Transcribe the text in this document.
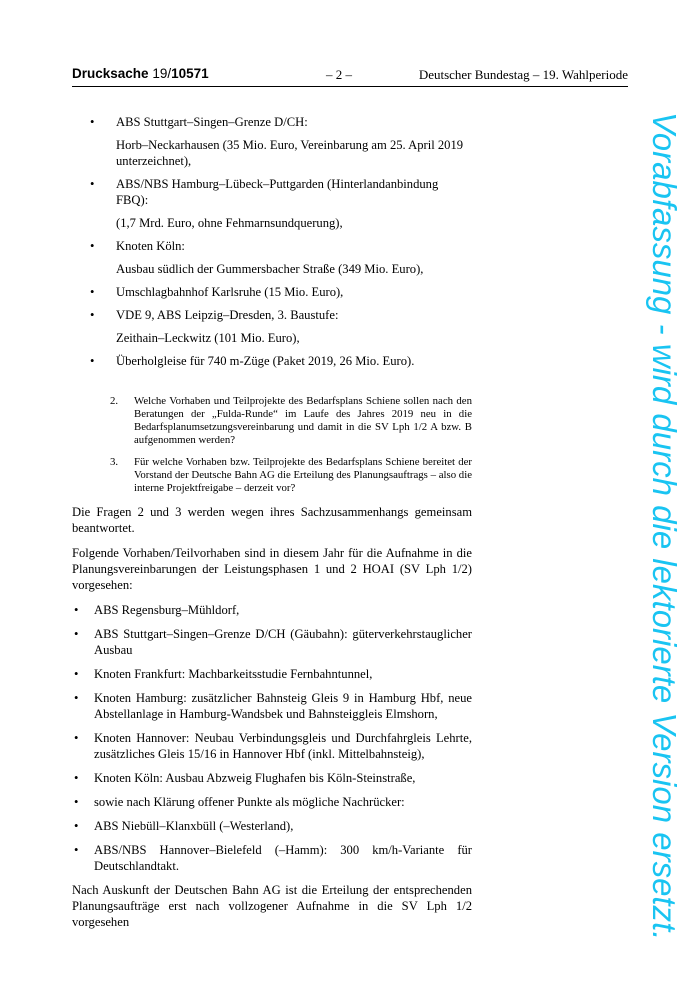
Drucksache 19/10571	– 2 –	Deutscher Bundestag – 19. Wahlperiode
• ABS Stuttgart–Singen–Grenze D/CH:
Horb–Neckarhausen (35 Mio. Euro, Vereinbarung am 25. April 2019 unterzeichnet),
• ABS/NBS Hamburg–Lübeck–Puttgarden (Hinterlandanbindung FBQ):
(1,7 Mrd. Euro, ohne Fehmarnsundquerung),
• Knoten Köln:
Ausbau südlich der Gummersbacher Straße (349 Mio. Euro),
• Umschlagbahnhof Karlsruhe (15 Mio. Euro),
• VDE 9, ABS Leipzig–Dresden, 3. Baustufe:
Zeithain–Leckwitz (101 Mio. Euro),
• Überholgleise für 740 m-Züge (Paket 2019, 26 Mio. Euro).
2. Welche Vorhaben und Teilprojekte des Bedarfsplans Schiene sollen nach den Beratungen der „Fulda-Runde“ im Laufe des Jahres 2019 neu in die Bedarfsplanumsetzungsvereinbarung und damit in die SV Lph 1/2 A bzw. B aufgenommen werden?
3. Für welche Vorhaben bzw. Teilprojekte des Bedarfsplans Schiene bereitet der Vorstand der Deutsche Bahn AG die Erteilung des Planungsauftrags – also die interne Projektfreigabe – derzeit vor?

Die Fragen 2 und 3 werden wegen ihres Sachzusammenhangs gemeinsam beantwortet.

Folgende Vorhaben/Teilvorhaben sind in diesem Jahr für die Aufnahme in die Planungsvereinbarungen der Leistungsphasen 1 und 2 HOAI (SV Lph 1/2) vorgesehen:

• ABS Regensburg–Mühldorf,
• ABS Stuttgart–Singen–Grenze D/CH (Gäubahn): güterverkehrstauglicher Ausbau
• Knoten Frankfurt: Machbarkeitsstudie Fernbahntunnel,
• Knoten Hamburg: zusätzlicher Bahnsteig Gleis 9 in Hamburg Hbf, neue Abstellanlage in Hamburg-Wandsbek und Bahnsteiggleis Elmshorn,
• Knoten Hannover: Neubau Verbindungsgleis und Durchfahrgleis Lehrte, zusätzliches Gleis 15/16 in Hannover Hbf (inkl. Mittelbahnsteig),
• Knoten Köln: Ausbau Abzweig Flughafen bis Köln-Steinstraße,
• sowie nach Klärung offener Punkte als mögliche Nachrücker:
• ABS Niebüll–Klanxbüll (–Westerland),
• ABS/NBS Hannover–Bielefeld (–Hamm): 300 km/h-Variante für Deutschlandtakt.

Nach Auskunft der Deutschen Bahn AG ist die Erteilung der entsprechenden Planungsaufträge erst nach vollzogener Aufnahme in die SV Lph 1/2 vorgesehen	Vorabfassung - wird durch die lektorierte Version ersetzt.
